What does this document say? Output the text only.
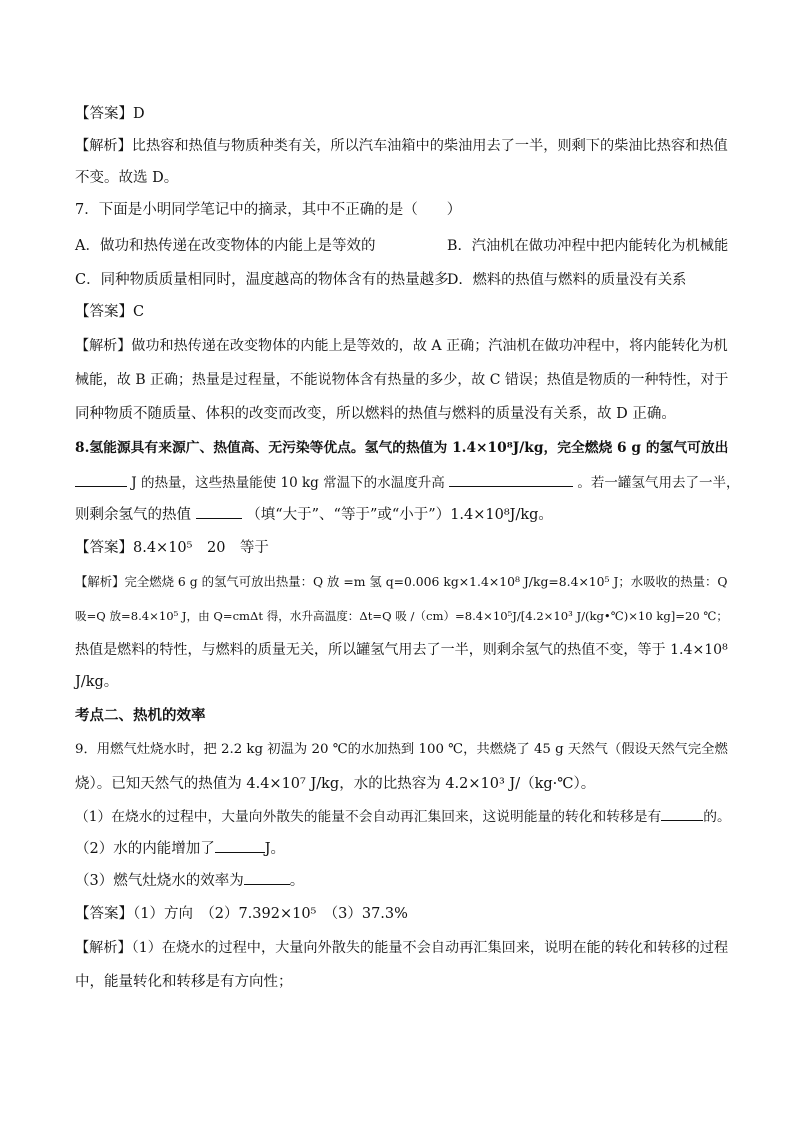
【答案】D
【解析】比热容和热值与物质种类有关，所以汽车油箱中的柴油用去了一半，则剩下的柴油比热容和热值
不变。故选 D。
7．下面是小明同学笔记中的摘录，其中不正确的是（　　）
A．做功和热传递在改变物体的内能上是等效的	B．汽油机在做功冲程中把内能转化为机械能
C．同种物质质量相同时，温度越高的物体含有的热量越多
D．燃料的热值与燃料的质量没有关系
【答案】C
【解析】做功和热传递在改变物体的内能上是等效的，故 A 正确；汽油机在做功冲程中，将内能转化为机
械能，故 B 正确；热量是过程量，不能说物体含有热量的多少，故 C 错误；热值是物质的一种特性，对于
同种物质不随质量、体积的改变而改变，所以燃料的热值与燃料的质量没有关系，故 D 正确。
8.氢能源具有来源广、热值高、无污染等优点。氢气的热值为 1.4×10⁸J/kg，完全燃烧 6 g 的氢气可放出
J 的热量，这些热量能使 10 kg 常温下的水温度升高	。若一罐氢气用去了一半，
则剩余氢气的热值	（填“大于”、“等于”或“小于”）1.4×10⁸J/kg。
【答案】8.4×10⁵　20　等于
【解析】完全燃烧 6 g 的氢气可放出热量：Q 放 =m 氢 q=0.006 kg×1.4×10⁸ J/kg=8.4×10⁵ J；水吸收的热量：Q
吸=Q 放=8.4×10⁵ J，由 Q=cmΔt 得，水升高温度：Δt=Q 吸 /（cm）=8.4×10⁵J/[4.2×10³ J/(kg•℃)×10 kg]=20 ℃；
热值是燃料的特性，与燃料的质量无关，所以罐氢气用去了一半，则剩余氢气的热值不变，等于 1.4×10⁸
J/kg。
考点二、热机的效率
9．用燃气灶烧水时，把 2.2 kg 初温为 20 ℃的水加热到 100 ℃，共燃烧了 45 g 天然气（假设天然气完全燃
烧）。已知天然气的热值为 4.4×10⁷ J/kg，水的比热容为 4.2×10³ J/（kg·℃）。
（1）在烧水的过程中，大量向外散失的能量不会自动再汇集回来，这说明能量的转化和转移是有	的。
（2）水的内能增加了	J。
（3）燃气灶烧水的效率为	。
【答案】（1）方向　（2）7.392×10⁵　（3）37.3%
【解析】（1）在烧水的过程中，大量向外散失的能量不会自动再汇集回来，说明在能的转化和转移的过程
中，能量转化和转移是有方向性；
